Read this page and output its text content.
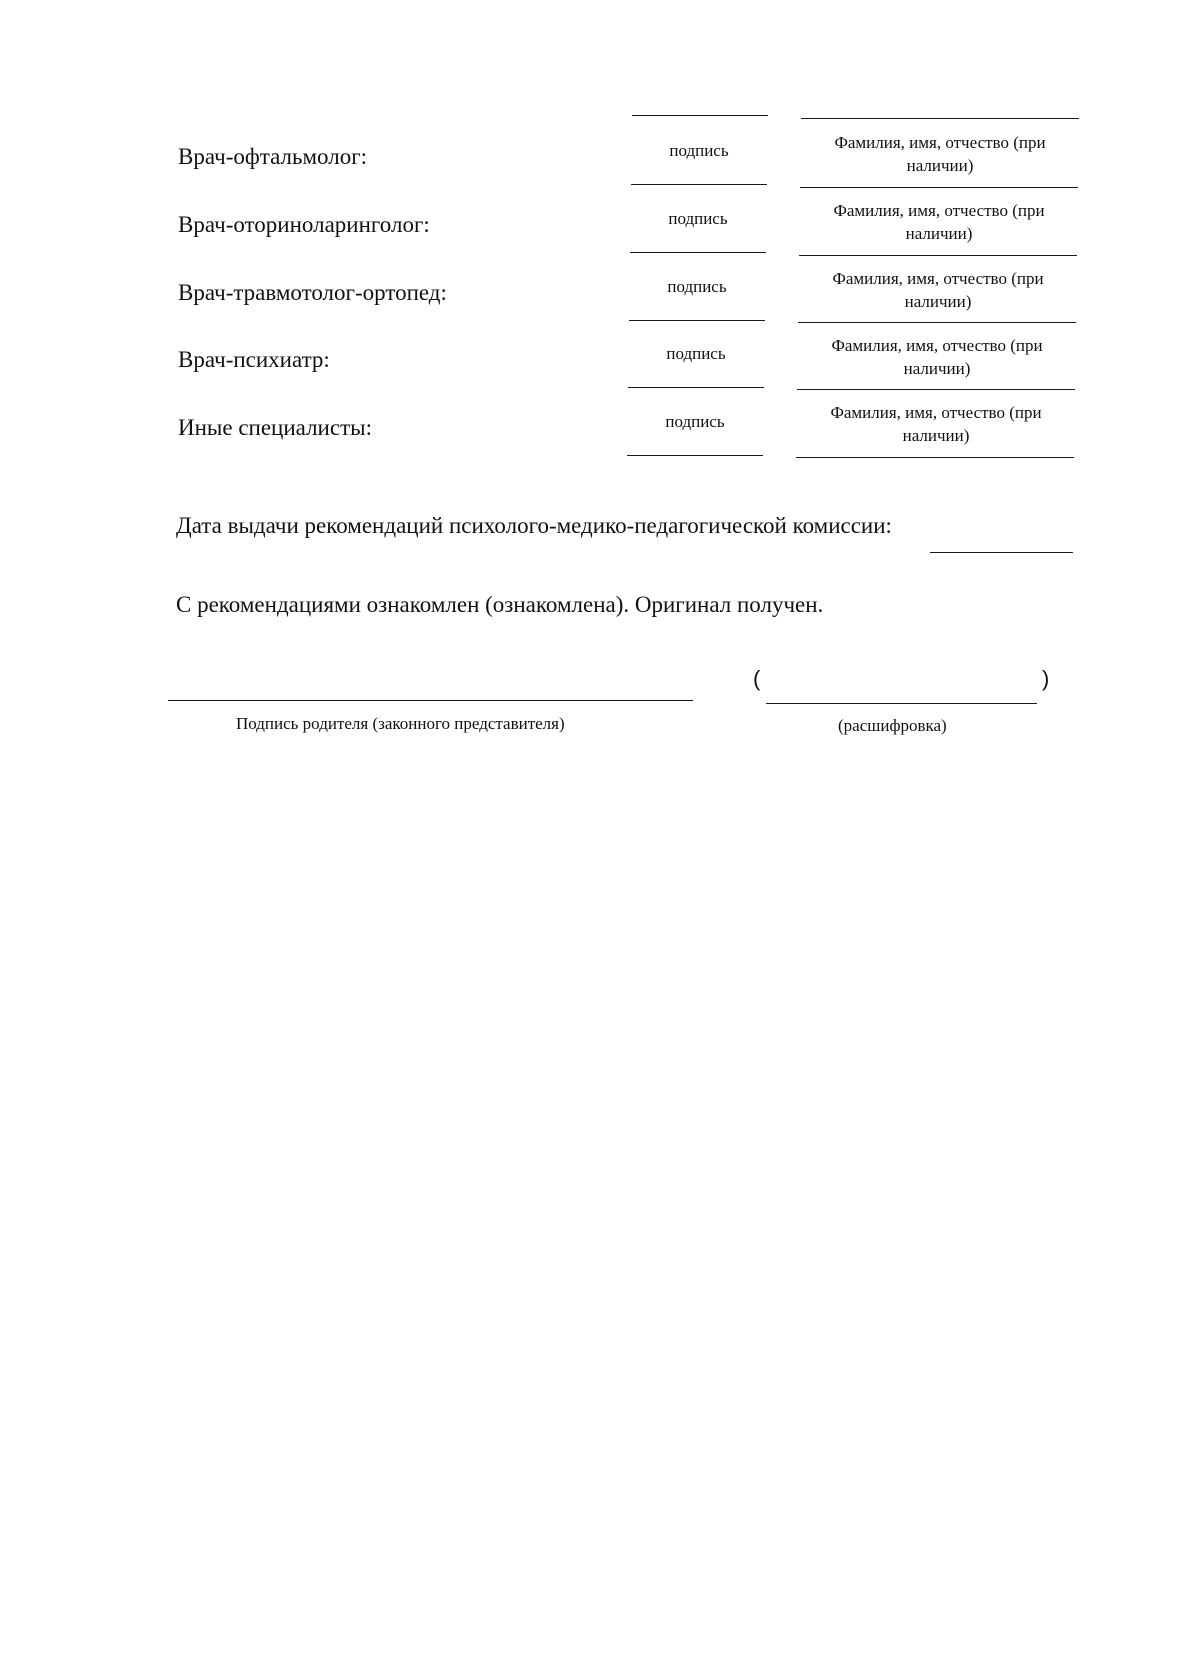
Врач-офтальмолог:	подпись	Фамилия, имя, отчество (при наличии)
Врач-оториноларинголог:	подпись	Фамилия, имя, отчество (при наличии)
Врач-травмотолог-ортопед:	подпись	Фамилия, имя, отчество (при наличии)
Врач-психиатр:	подпись	Фамилия, имя, отчество (при наличии)
Иные специалисты:	подпись	Фамилия, имя, отчество (при наличии)
Дата выдачи рекомендаций психолого-медико-педагогической комиссии:
С рекомендациями ознакомлен (ознакомлена). Оригинал получен.
Подпись родителя (законного представителя)
(	)
(расшифровка)
